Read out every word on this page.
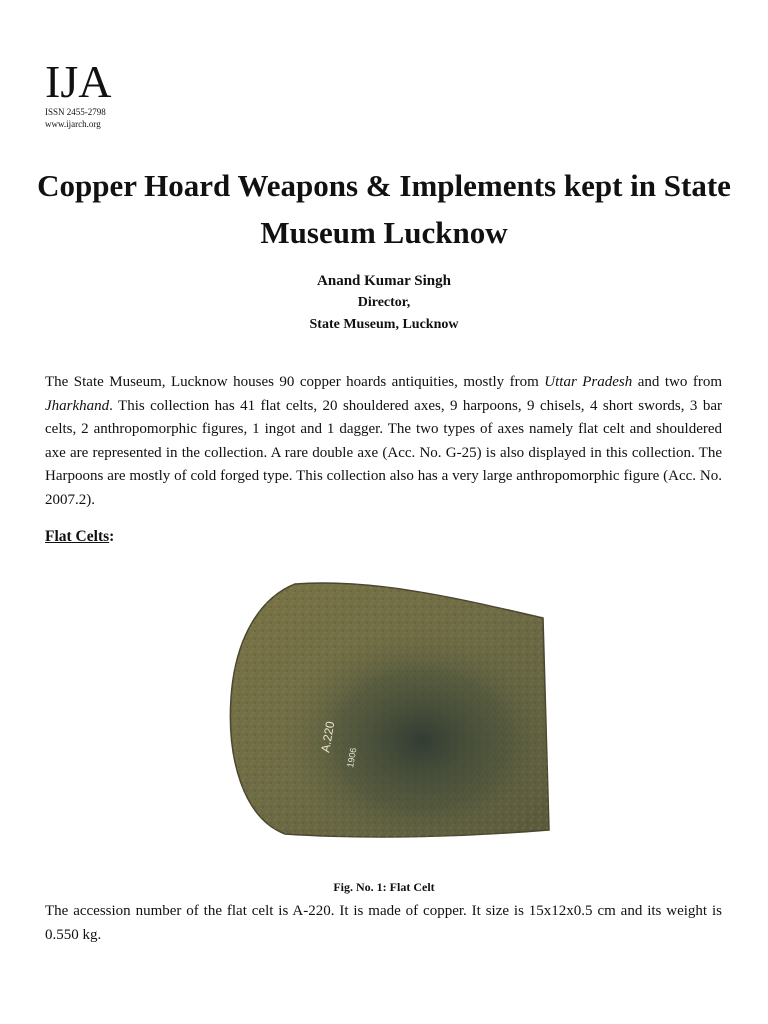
IJA
ISSN 2455-2798
www.ijarch.org
Copper Hoard Weapons & Implements kept in State Museum Lucknow
Anand Kumar Singh
Director,
State Museum, Lucknow
The State Museum, Lucknow houses 90 copper hoards antiquities, mostly from Uttar Pradesh and two from Jharkhand. This collection has 41 flat celts, 20 shouldered axes, 9 harpoons, 9 chisels, 4 short swords, 3 bar celts, 2 anthropomorphic figures, 1 ingot and 1 dagger. The two types of axes namely flat celt and shouldered axe are represented in the collection. A rare double axe (Acc. No. G-25) is also displayed in this collection. The Harpoons are mostly of cold forged type. This collection also has a very large anthropomorphic figure (Acc. No. 2007.2).
Flat Celts:
A.220
1906
Fig. No. 1: Flat Celt
The accession number of the flat celt is A-220. It is made of copper. It size is 15x12x0.5 cm and its weight is 0.550 kg.
